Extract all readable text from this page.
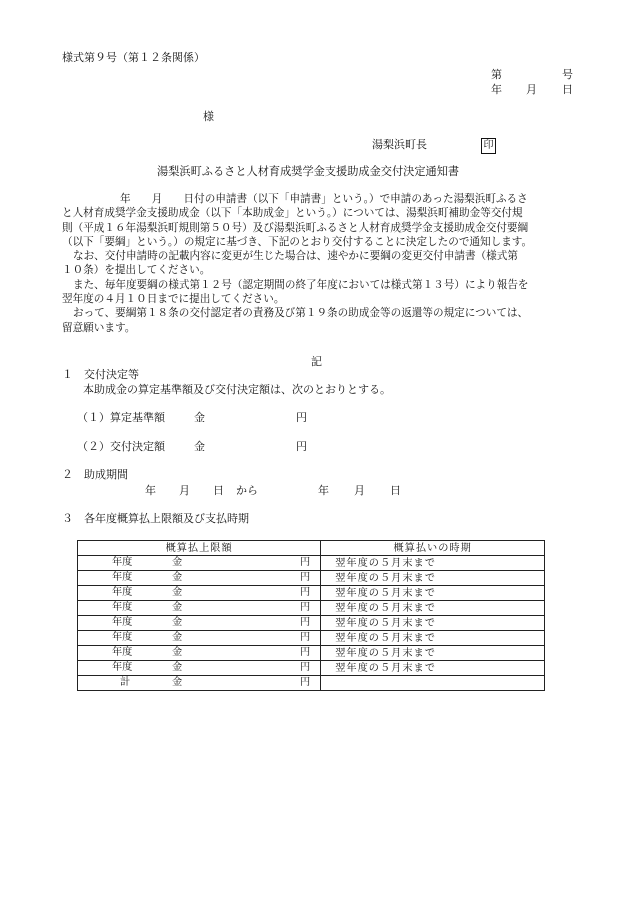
様式第９号（第１２条関係）
第	号
年 月 日
様
湯梨浜町長	印
湯梨浜町ふるさと人材育成奨学金支援助成金交付決定通知書
年　　月　　日付の申請書（以下「申請書」という。）で申請のあった湯梨浜町ふるさ
と人材育成奨学金支援助成金（以下「本助成金」という。）については、湯梨浜町補助金等交付規
則（平成１６年湯梨浜町規則第５０号）及び湯梨浜町ふるさと人材育成奨学金支援助成金交付要綱
（以下「要綱」という。）の規定に基づき、下記のとおり交付することに決定したので通知します。
なお、交付申請時の記載内容に変更が生じた場合は、速やかに要綱の変更交付申請書（様式第
１０条）を提出してください。
また、毎年度要綱の様式第１２号（認定期間の終了年度においては様式第１３号）により報告を
翌年度の４月１０日までに提出してください。
おって、要綱第１８条の交付認定者の責務及び第１９条の助成金等の返還等の規定については、
留意願います。
記
１　交付決定等
本助成金の算定基準額及び交付決定額は、次のとおりとする。
（１）算定基準額	金	円
（２）交付決定額	金	円
２　助成期間
年 月 日 から	年 月 日
３　各年度概算払上限額及び支払時期
概算払上限額	概算払いの時期

年度 金 円	翌年度の５月末まで

年度 金 円	翌年度の５月末まで

年度 金 円	翌年度の５月末まで

年度 金 円	翌年度の５月末まで

年度 金 円	翌年度の５月末まで

年度 金 円	翌年度の５月末まで

年度 金 円	翌年度の５月末まで

年度 金 円	翌年度の５月末まで

計 金 円	
